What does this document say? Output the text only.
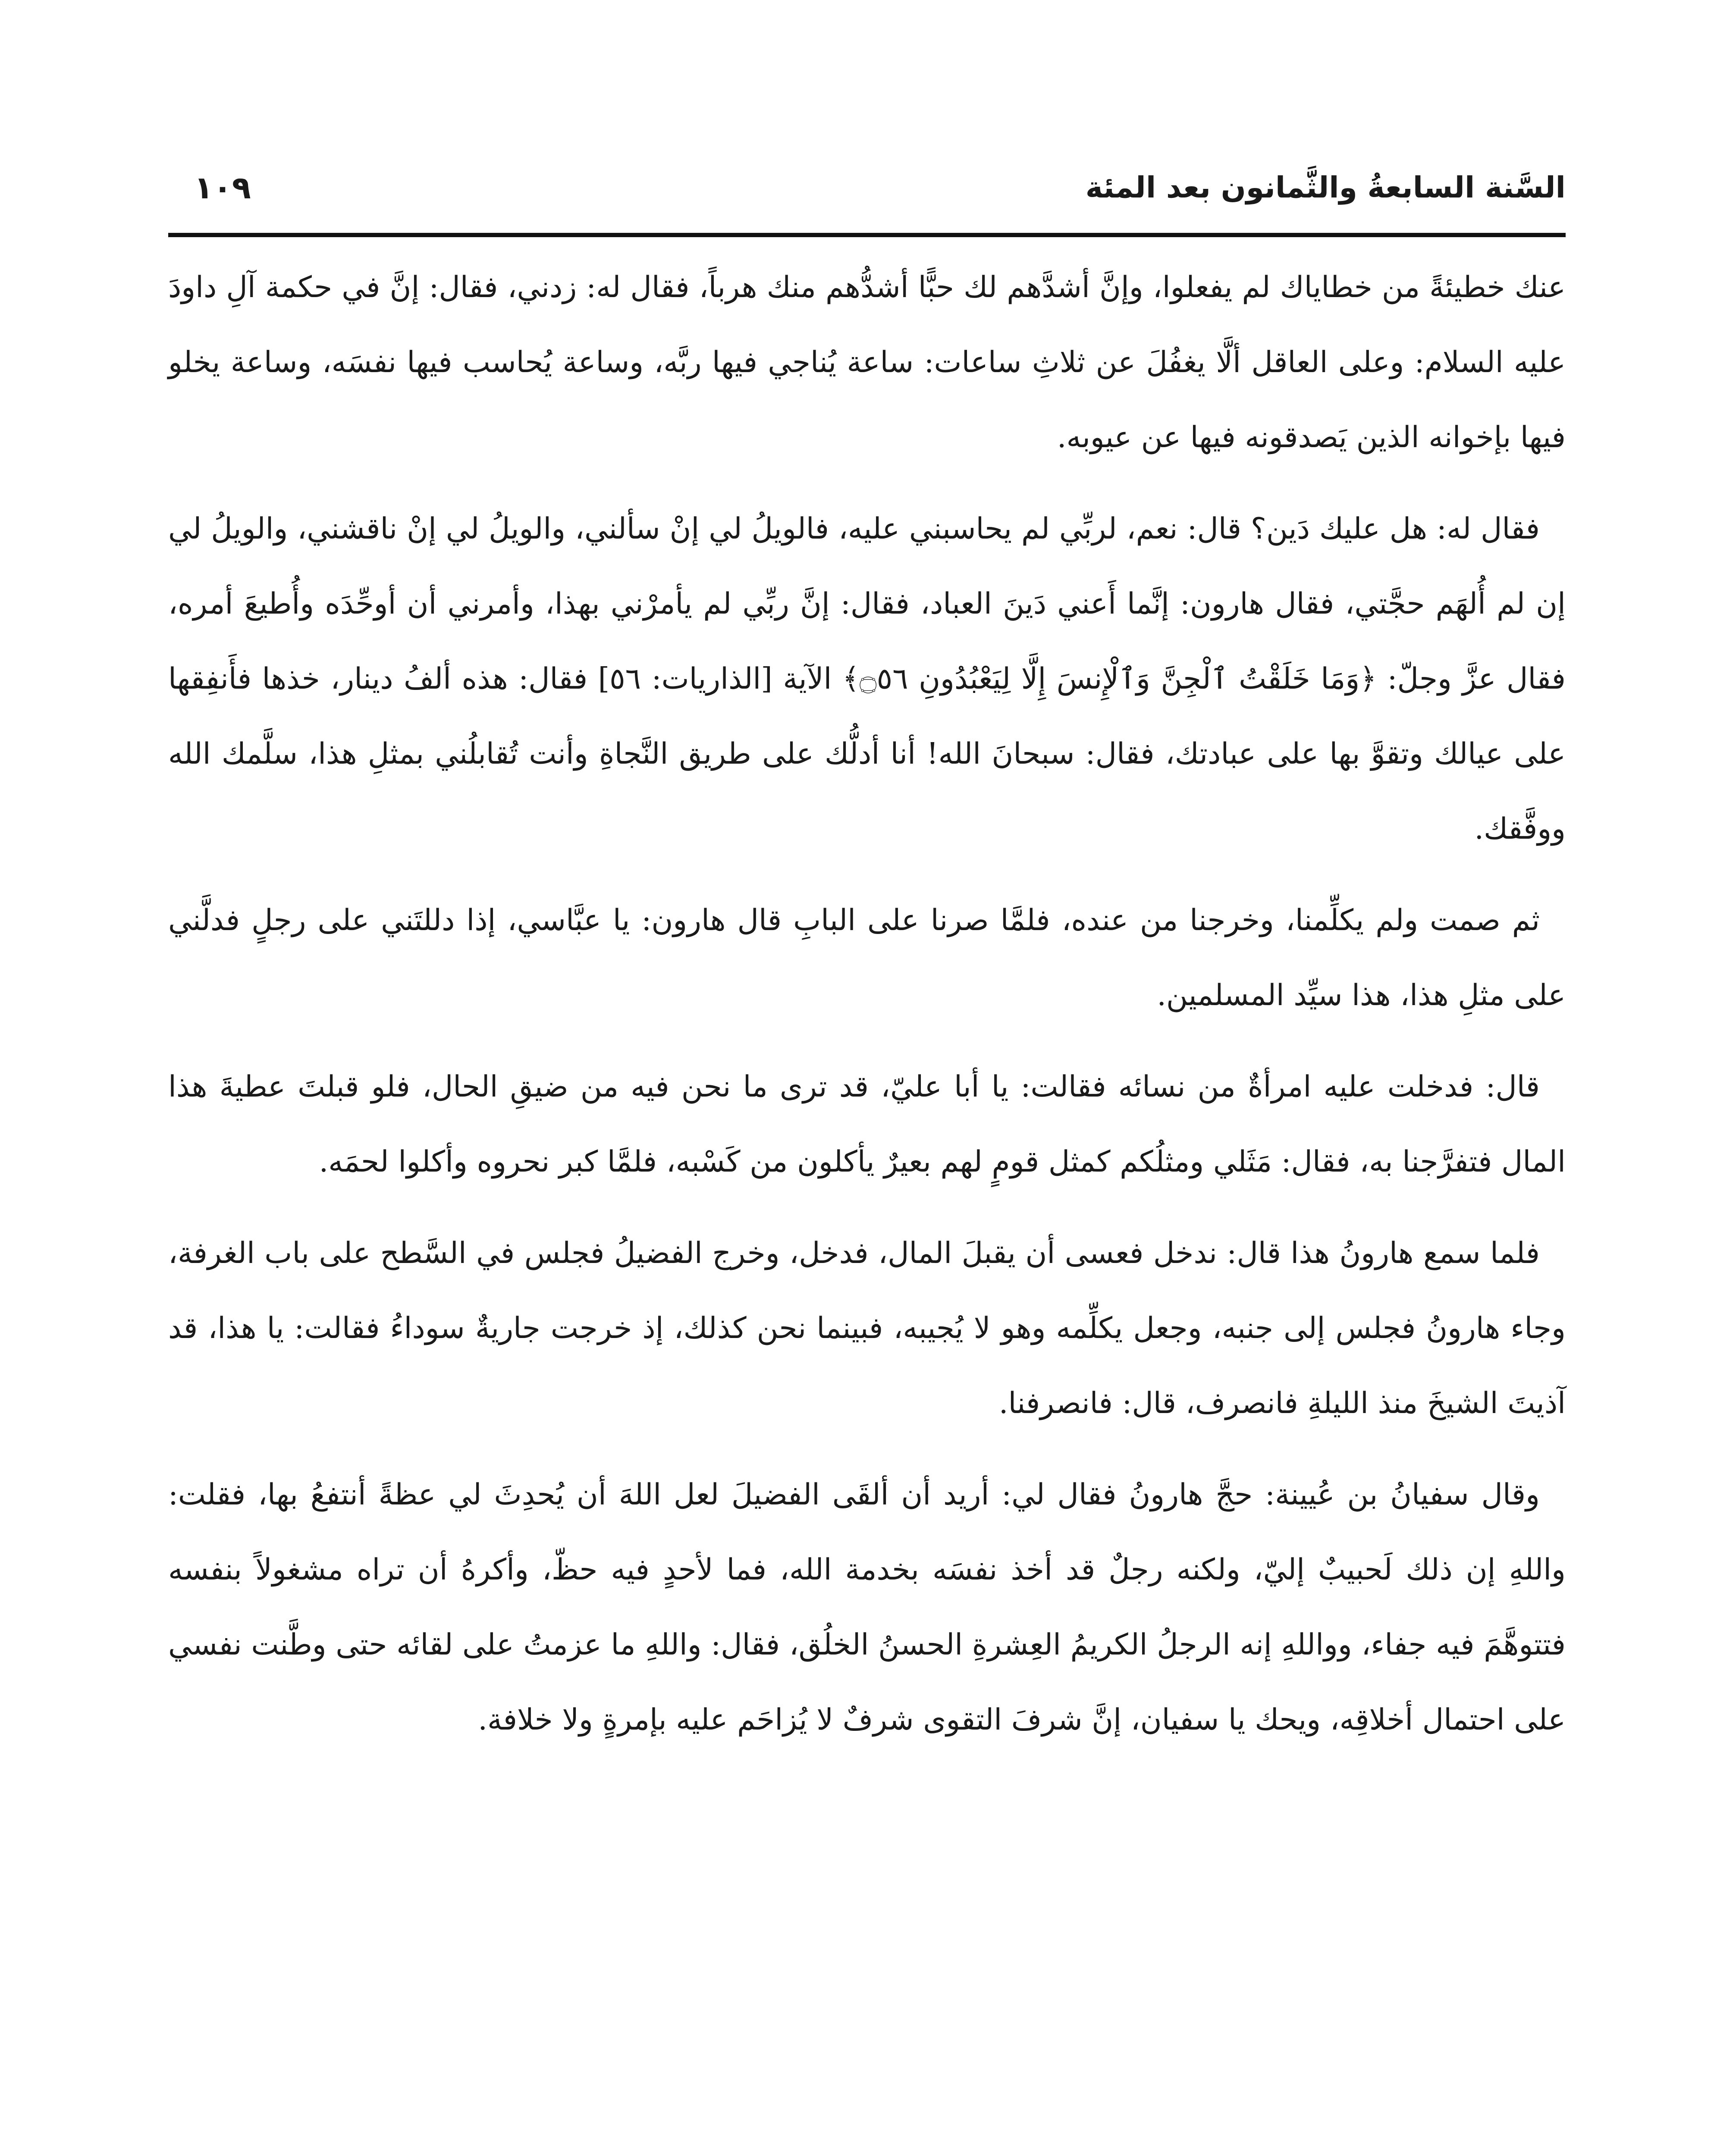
السَّنة السابعةُ والثَّمانون بعد المئة
١٠٩

عنك خطيئةً من خطاياك لم يفعلوا، وإنَّ أشدَّهم لك حبًّا أشدُّهم منك هرباً، فقال له: زدني، فقال: إنَّ في حكمة آلِ داودَ عليه السلام: وعلى العاقل ألَّا يغفُلَ عن ثلاثِ ساعات: ساعة يُناجي فيها ربَّه، وساعة يُحاسب فيها نفسَه، وساعة يخلو فيها بإخوانه الذين يَصدقونه فيها عن عيوبه.

فقال له: هل عليك دَين؟ قال: نعم، لربِّي لم يحاسبني عليه، فالويلُ لي إنْ سألني، والويلُ لي إنْ ناقشني، والويلُ لي إن لم أُلهَم حجَّتي، فقال هارون: إنَّما أَعني دَينَ العباد، فقال: إنَّ ربِّي لم يأمرْني بهذا، وأمرني أن أوحِّدَه وأُطيعَ أمره، فقال عزَّ وجلّ: ﴿وَمَا خَلَقْتُ ٱلْجِنَّ وَٱلْإِنسَ إِلَّا لِيَعْبُدُونِ ۝٥٦﴾ الآية [الذاريات: ٥٦] فقال: هذه ألفُ دينار، خذها فأَنفِقها على عيالك وتقوَّ بها على عبادتك، فقال: سبحانَ الله! أنا أدلُّك على طريق النَّجاةِ وأنت تُقابلُني بمثلِ هذا، سلَّمك الله ووفَّقك.

ثم صمت ولم يكلِّمنا، وخرجنا من عنده، فلمَّا صرنا على البابِ قال هارون: يا عبَّاسي، إذا دللتَني على رجلٍ فدلَّني على مثلِ هذا، هذا سيِّد المسلمين.

قال: فدخلت عليه امرأةٌ من نسائه فقالت: يا أبا عليّ، قد ترى ما نحن فيه من ضيقِ الحال، فلو قبلتَ عطيةَ هذا المال فتفرَّجنا به، فقال: مَثَلي ومثلُكم كمثل قومٍ لهم بعيرٌ يأكلون من كَسْبه، فلمَّا كبر نحروه وأكلوا لحمَه.

فلما سمع هارونُ هذا قال: ندخل فعسى أن يقبلَ المال، فدخل، وخرج الفضيلُ فجلس في السَّطح على باب الغرفة، وجاء هارونُ فجلس إلى جنبه، وجعل يكلِّمه وهو لا يُجيبه، فبينما نحن كذلك، إذ خرجت جاريةٌ سوداءُ فقالت: يا هذا، قد آذيتَ الشيخَ منذ الليلةِ فانصرف، قال: فانصرفنا.

وقال سفيانُ بن عُيينة: حجَّ هارونُ فقال لي: أريد أن ألقَى الفضيلَ لعل اللهَ أن يُحدِثَ لي عظةً أنتفعُ بها، فقلت: واللهِ إن ذلك لَحبيبٌ إليّ، ولكنه رجلٌ قد أخذ نفسَه بخدمة الله، فما لأحدٍ فيه حظّ، وأكرهُ أن تراه مشغولاً بنفسه فتتوهَّمَ فيه جفاء، وواللهِ إنه الرجلُ الكريمُ العِشرةِ الحسنُ الخلُق، فقال: واللهِ ما عزمتُ على لقائه حتى وطَّنت نفسي على احتمال أخلاقِه، ويحك يا سفيان، إنَّ شرفَ التقوى شرفٌ لا يُزاحَم عليه بإمرةٍ ولا خلافة.
